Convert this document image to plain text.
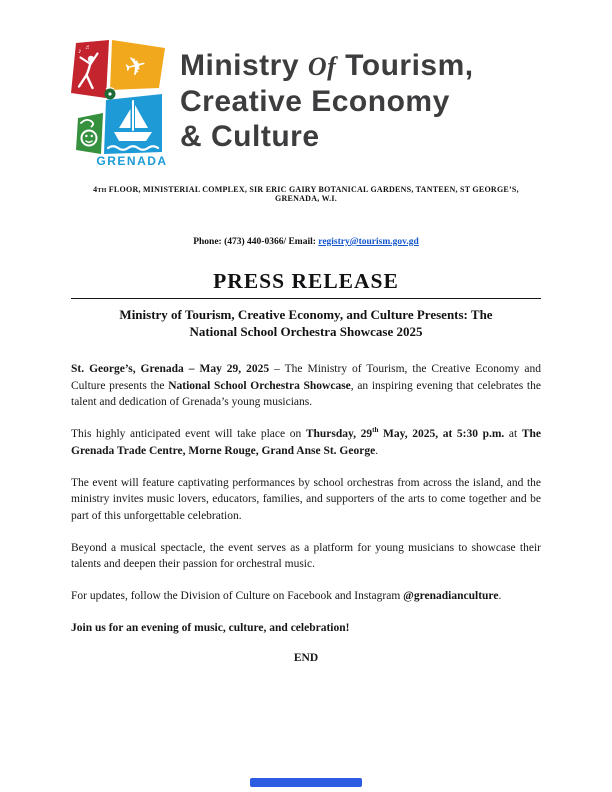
♪ ♬
✈
GRENADA
Ministry Of Tourism,
Creative Economy
& Culture
4TH FLOOR, MINISTERIAL COMPLEX, SIR ERIC GAIRY BOTANICAL GARDENS, TANTEEN, ST GEORGE’S, GRENADA, W.I.
Phone: (473) 440-0366/ Email: registry@tourism.gov.gd
PRESS RELEASE
Ministry of Tourism, Creative Economy, and Culture Presents: The
National School Orchestra Showcase 2025

St. George’s, Grenada – May 29, 2025 – The Ministry of Tourism, the Creative Economy and Culture presents the National School Orchestra Showcase, an inspiring evening that celebrates the talent and dedication of Grenada’s young musicians.

This highly anticipated event will take place on Thursday, 29th May, 2025, at 5:30 p.m. at The Grenada Trade Centre, Morne Rouge, Grand Anse St. George.

The event will feature captivating performances by school orchestras from across the island, and the ministry invites music lovers, educators, families, and supporters of the arts to come together and be part of this unforgettable celebration.

Beyond a musical spectacle, the event serves as a platform for young musicians to showcase their talents and deepen their passion for orchestral music.

For updates, follow the Division of Culture on Facebook and Instagram @grenadianculture.

Join us for an evening of music, culture, and celebration!

END
